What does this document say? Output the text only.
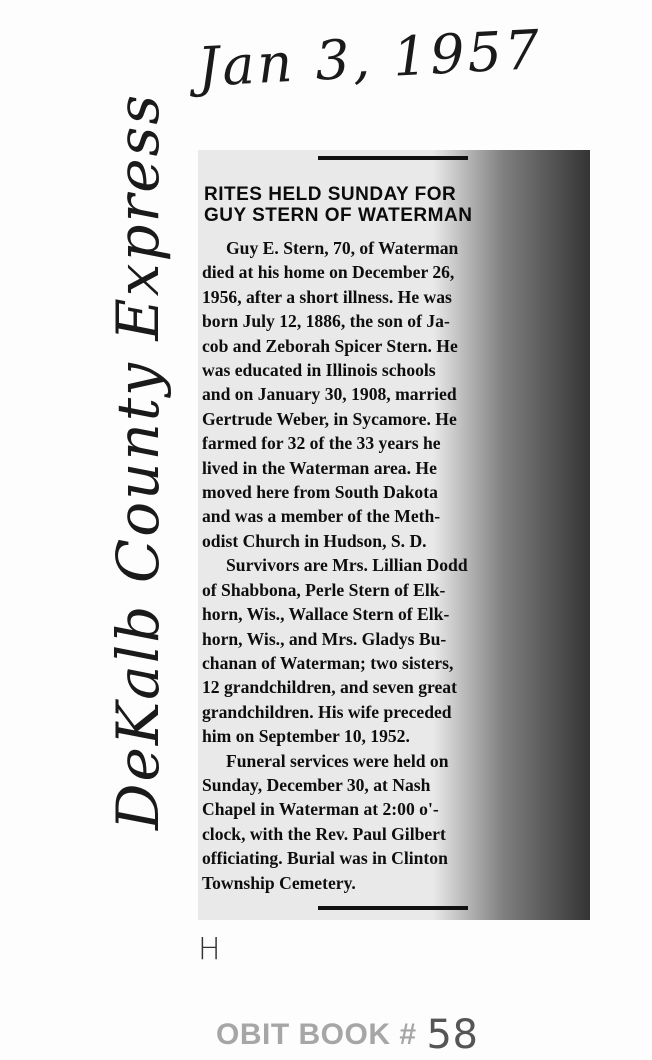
Jan 3, 1957
DeKalb County Express RITES HELD SUNDAY FOR
GUY STERN OF WATERMAN

Guy E. Stern, 70, of Waterman
died at his home on December 26,
1956, after a short illness. He was
born July 12, 1886, the son of Ja-
cob and Zeborah Spicer Stern. He
was educated in Illinois schools
and on January 30, 1908, married
Gertrude Weber, in Sycamore. He
farmed for 32 of the 33 years he
lived in the Waterman area. He
moved here from South Dakota
and was a member of the Meth-
odist Church in Hudson, S. D.

Survivors are Mrs. Lillian Dodd
of Shabbona, Perle Stern of Elk-
horn, Wis., Wallace Stern of Elk-
horn, Wis., and Mrs. Gladys Bu-
chanan of Waterman; two sisters,
12 grandchildren, and seven great
grandchildren. His wife preceded
him on September 10, 1952.

Funeral services were held on
Sunday, December 30, at Nash
Chapel in Waterman at 2:00 o'-
clock, with the Rev. Paul Gilbert
officiating. Burial was in Clinton
Township Cemetery.

H
OBIT BOOK # 58
